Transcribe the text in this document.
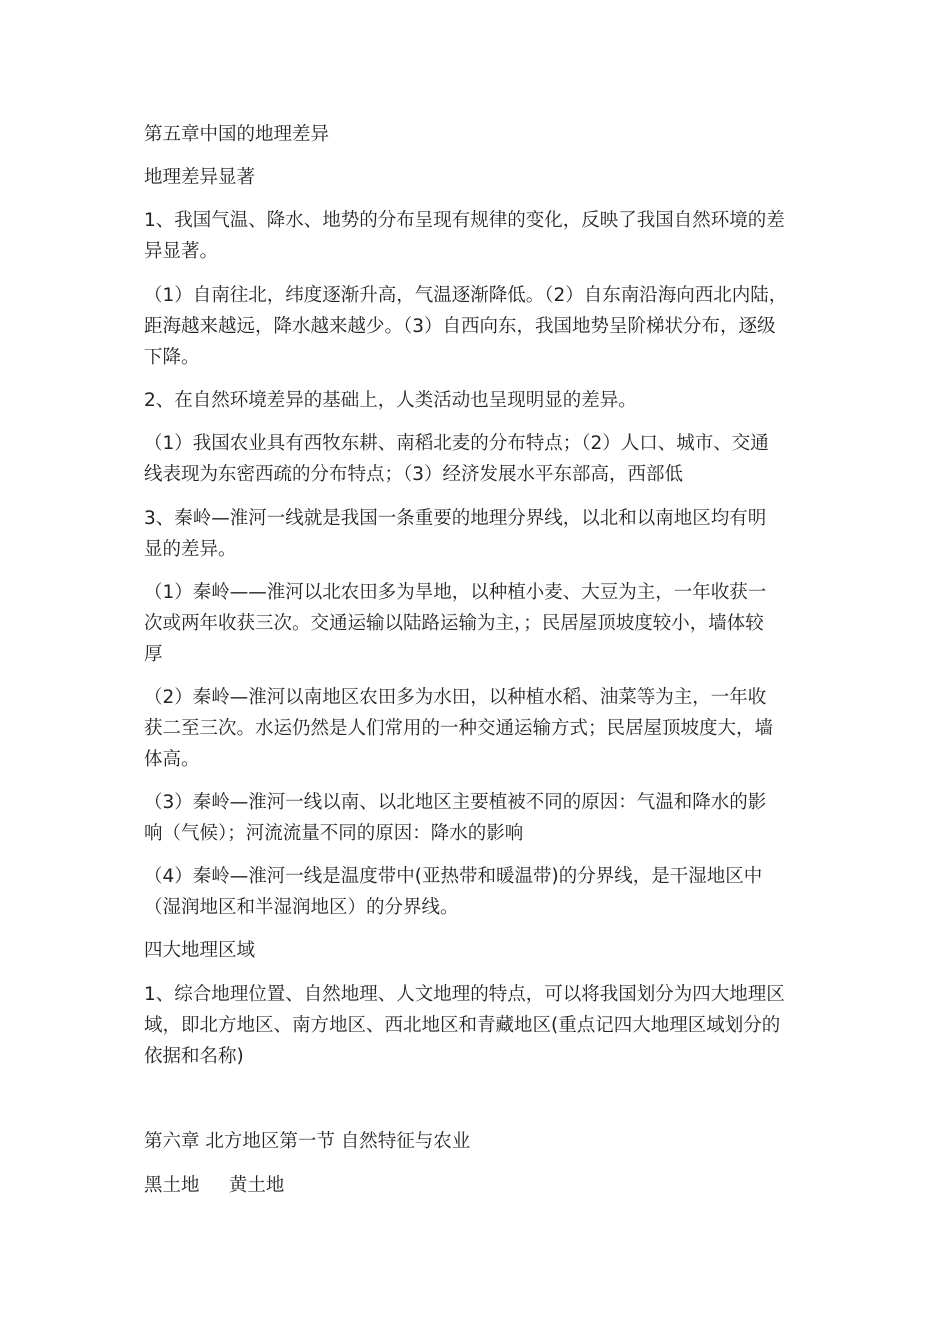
第五章中国的地理差异
地理差异显著
1、我国气温、降水、地势的分布呈现有规律的变化，反映了我国自然环境的差
异显著。
（1）自南往北，纬度逐渐升高，气温逐渐降低。（2）自东南沿海向西北内陆，
距海越来越远，降水越来越少。（3）自西向东，我国地势呈阶梯状分布，逐级
下降。
2、在自然环境差异的基础上，人类活动也呈现明显的差异。
（1）我国农业具有西牧东耕、南稻北麦的分布特点；（2）人口、城市、交通
线表现为东密西疏的分布特点；（3）经济发展水平东部高，西部低
3、秦岭—淮河一线就是我国一条重要的地理分界线，以北和以南地区均有明
显的差异。
（1）秦岭——淮河以北农田多为旱地，以种植小麦、大豆为主，一年收获一
次或两年收获三次。交通运输以陆路运输为主，；民居屋顶坡度较小，墙体较
厚
（2）秦岭—淮河以南地区农田多为水田，以种植水稻、油菜等为主，一年收
获二至三次。水运仍然是人们常用的一种交通运输方式；民居屋顶坡度大，墙
体高。
（3）秦岭—淮河一线以南、以北地区主要植被不同的原因：气温和降水的影
响（气候）；河流流量不同的原因：降水的影响
（4）秦岭—淮河一线是温度带中(亚热带和暖温带)的分界线，是干湿地区中
（湿润地区和半湿润地区）的分界线。
四大地理区域
1、综合地理位置、自然地理、人文地理的特点，可以将我国划分为四大地理区
域，即北方地区、南方地区、西北地区和青藏地区(重点记四大地理区域划分的
依据和名称)
第六章 北方地区第一节 自然特征与农业
黑土地     黄土地
